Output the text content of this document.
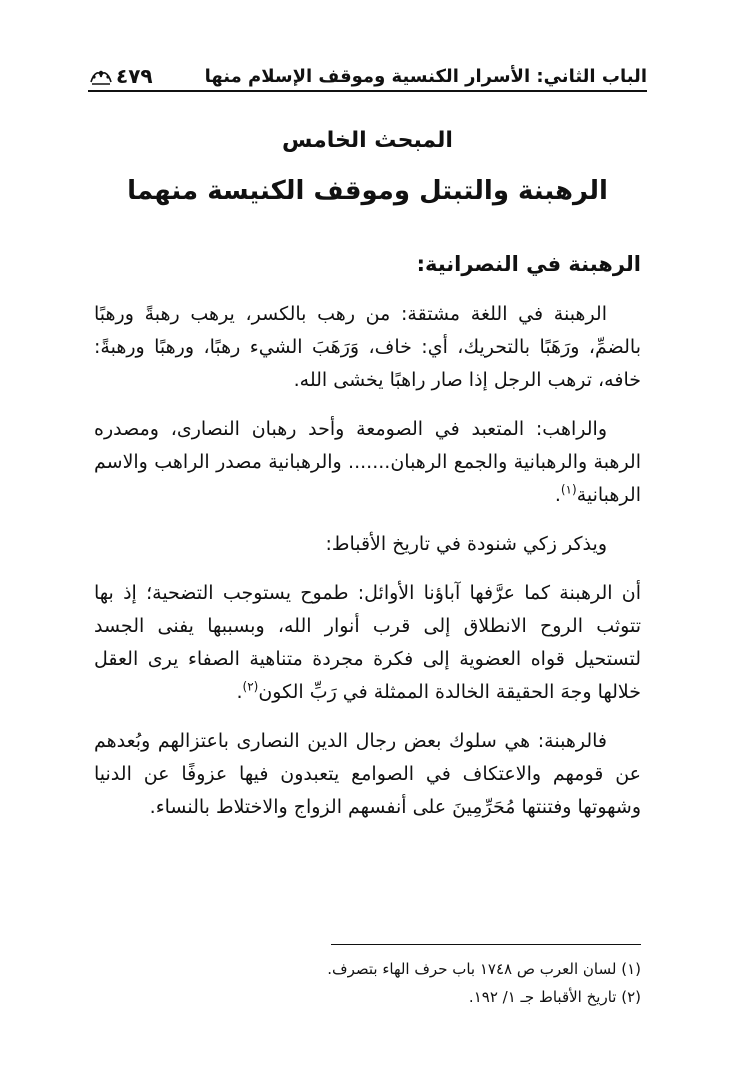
الباب الثاني: الأسرار الكنسية وموقف الإسلام منها
٤٧٩
المبحث الخامس
الرهبنة والتبتل وموقف الكنيسة منهما
الرهبنة في النصرانية:

الرهبنة في اللغة مشتقة: من رهب بالكسر، يرهب رهبةً ورهبًا بالضمِّ، ورَهَبًا بالتحريك، أي: خاف، وَرَهَبَ الشيء رهبًا، ورهبًا ورهبةً: خافه، ترهب الرجل إذا صار راهبًا يخشى الله.

والراهب: المتعبد في الصومعة وأحد رهبان النصارى، ومصدره الرهبة والرهبانية والجمع الرهبان....... والرهبانية مصدر الراهب والاسم الرهبانية$^{(١)}$.

ويذكر زكي شنودة في تاريخ الأقباط:

أن الرهبنة كما عرَّفها آباؤنا الأوائل: طموح يستوجب التضحية؛ إذ بها تتوثب الروح الانطلاق إلى قرب أنوار الله، وبسببها يفنى الجسد لتستحيل قواه العضوية إلى فكرة مجردة متناهية الصفاء يرى العقل خلالها وجهَ الحقيقة الخالدة الممثلة في رَبِّ الكون$^{(٢)}$.

فالرهبنة: هي سلوك بعض رجال الدين النصارى باعتزالهم وبُعدهم عن قومهم والاعتكاف في الصوامع يتعبدون فيها عزوفًا عن الدنيا وشهوتها وفتنتها مُحَرِّمِينَ على أنفسهم الزواج والاختلاط بالنساء.

(١) لسان العرب ص ١٧٤٨ باب حرف الهاء بتصرف.
(٢) تاريخ الأقباط جـ ١/ ١٩٢.
